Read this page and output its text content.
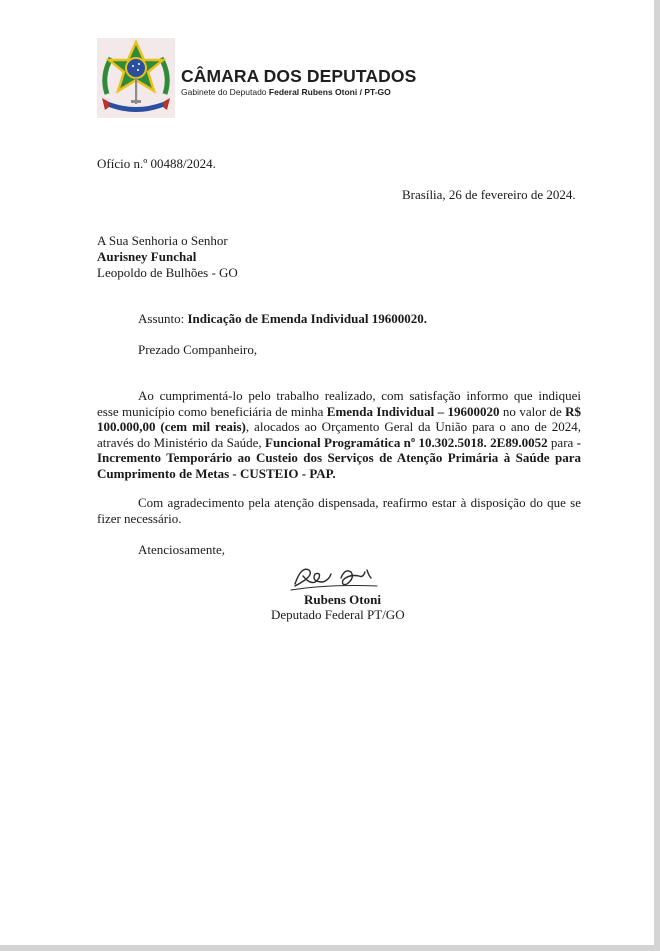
CÂMARA DOS DEPUTADOS
Gabinete do Deputado Federal Rubens Otoni / PT-GO
Ofício n.º 00488/2024.
Brasília, 26 de fevereiro de 2024.
A Sua Senhoria o Senhor
Aurisney Funchal
Leopoldo de Bulhões - GO
Assunto: Indicação de Emenda Individual 19600020.
Prezado Companheiro,
Ao cumprimentá-lo pelo trabalho realizado, com satisfação informo que indiquei esse município como beneficiária de minha Emenda Individual – 19600020 no valor de R$ 100.000,00 (cem mil reais), alocados ao Orçamento Geral da União para o ano de 2024, através do Ministério da Saúde, Funcional Programática nº 10.302.5018. 2E89.0052 para - Incremento Temporário ao Custeio dos Serviços de Atenção Primária à Saúde para Cumprimento de Metas - CUSTEIO - PAP.
Com agradecimento pela atenção dispensada, reafirmo estar à disposição do que se fizer necessário.
Atenciosamente,
Rubens Otoni
Deputado Federal PT/GO
